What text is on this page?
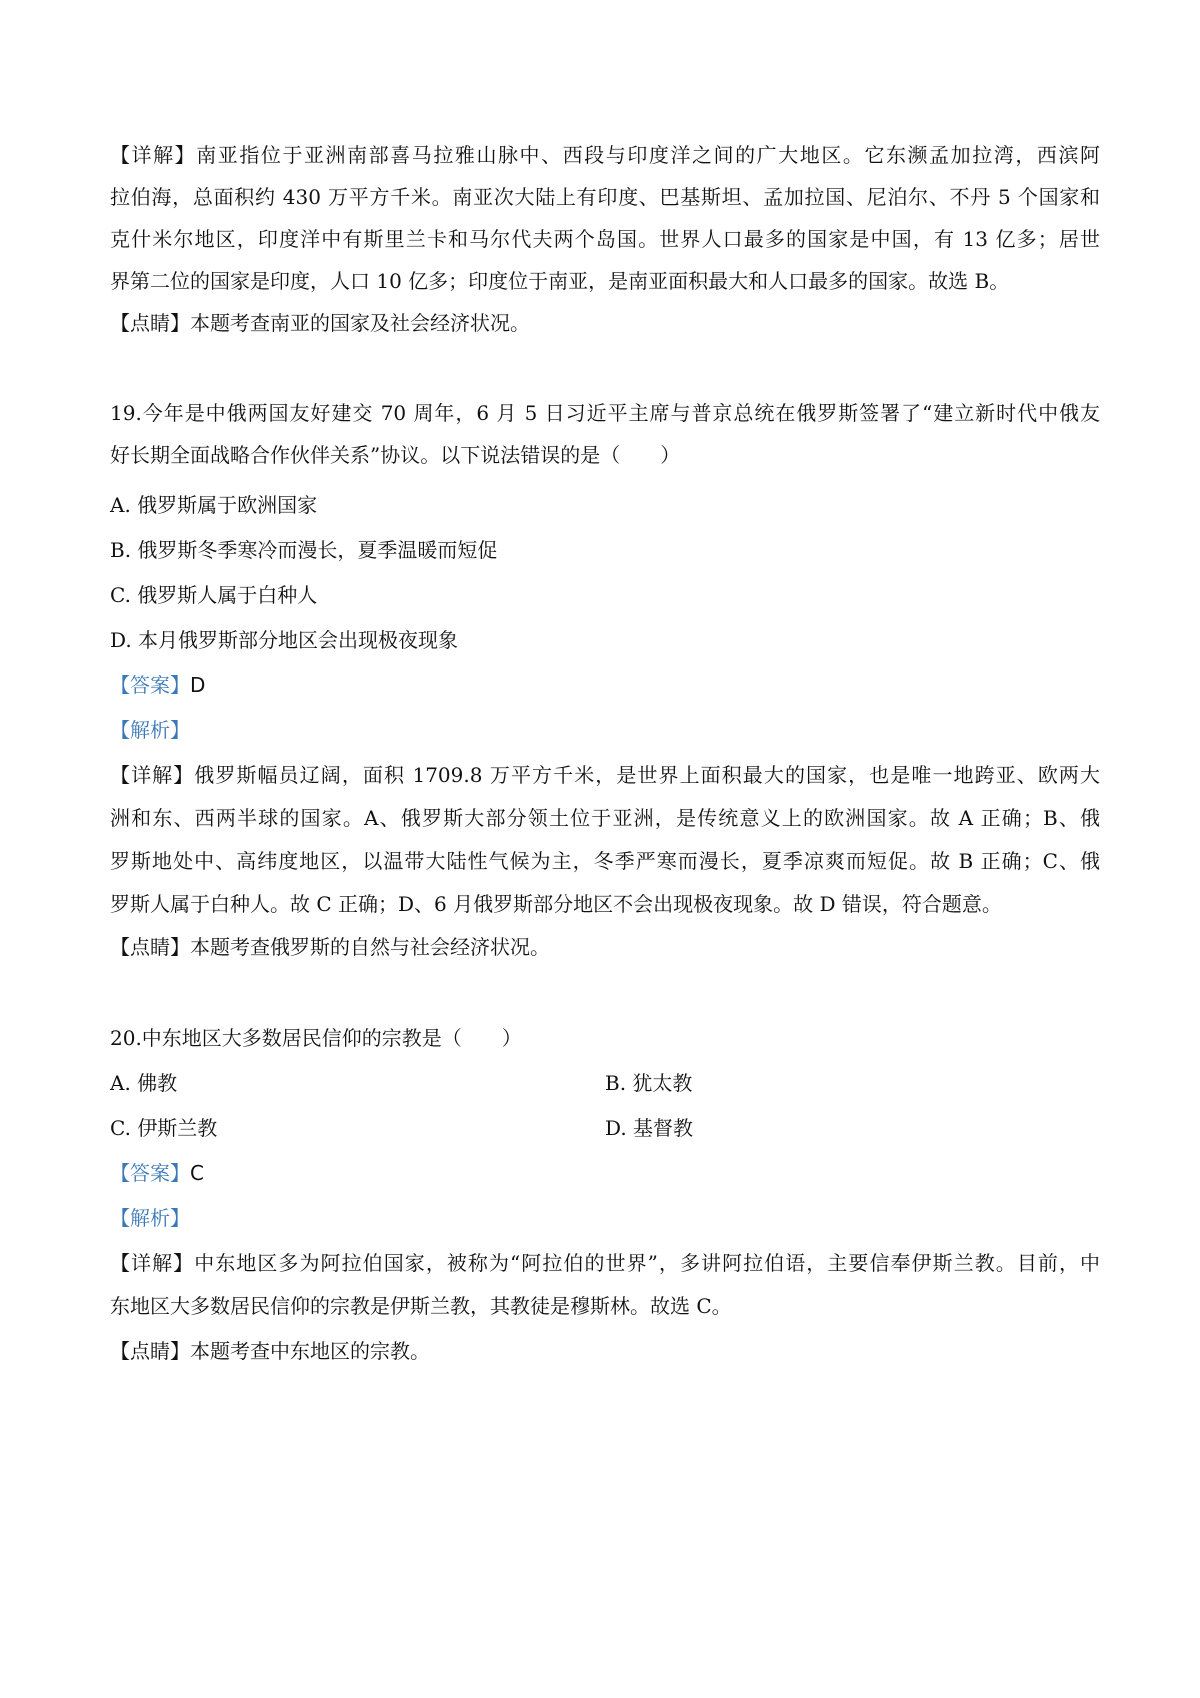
【详解】南亚指位于亚洲南部喜马拉雅山脉中、西段与印度洋之间的广大地区。它东濒孟加拉湾，西滨阿
拉伯海，总面积约 430 万平方千米。南亚次大陆上有印度、巴基斯坦、孟加拉国、尼泊尔、不丹 5 个国家和
克什米尔地区，印度洋中有斯里兰卡和马尔代夫两个岛国。世界人口最多的国家是中国，有 13 亿多；居世
界第二位的国家是印度，人口 10 亿多；印度位于南亚，是南亚面积最大和人口最多的国家。故选 B。
【点睛】本题考查南亚的国家及社会经济状况。
19.今年是中俄两国友好建交 70 周年，6 月 5 日习近平主席与普京总统在俄罗斯签署了“建立新时代中俄友
好长期全面战略合作伙伴关系”协议。以下说法错误的是（　　）
A. 俄罗斯属于欧洲国家
B. 俄罗斯冬季寒冷而漫长，夏季温暖而短促
C. 俄罗斯人属于白种人
D. 本月俄罗斯部分地区会出现极夜现象
【答案】D
【解析】
【详解】俄罗斯幅员辽阔，面积 1709.8 万平方千米，是世界上面积最大的国家，也是唯一地跨亚、欧两大
洲和东、西两半球的国家。A、俄罗斯大部分领土位于亚洲，是传统意义上的欧洲国家。故 A 正确；B、俄
罗斯地处中、高纬度地区，以温带大陆性气候为主，冬季严寒而漫长，夏季凉爽而短促。故 B 正确；C、俄
罗斯人属于白种人。故 C 正确；D、6 月俄罗斯部分地区不会出现极夜现象。故 D 错误，符合题意。
【点睛】本题考查俄罗斯的自然与社会经济状况。
20.中东地区大多数居民信仰的宗教是（　　）
A. 佛教	B. 犹太教
C. 伊斯兰教	D. 基督教
【答案】C
【解析】
【详解】中东地区多为阿拉伯国家，被称为“阿拉伯的世界”，多讲阿拉伯语，主要信奉伊斯兰教。目前，中
东地区大多数居民信仰的宗教是伊斯兰教，其教徒是穆斯林。故选 C。
【点睛】本题考查中东地区的宗教。
